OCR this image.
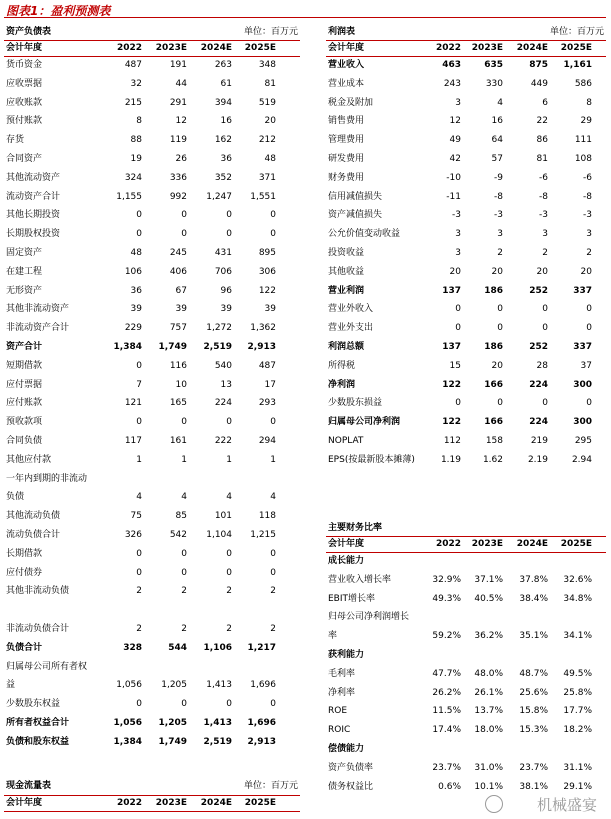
图表1：盈利预测表
资产负债表	单位：百万元
会计年度	2022 2023E 2024E 2025E
货币资金	487	191	263	348
应收票据	32	44	61	81
应收账款	215	291	394	519
预付账款	8	12	16	20
存货	88	119	162	212
合同资产	19	26	36	48
其他流动资产	324	336	352	371
流动资产合计	1,155	992 1,247 1,551
其他长期投资	0	0	0	0
长期股权投资	0	0	0	0
固定资产	48	245	431	895
在建工程	106	406	706	306
无形资产	36	67	96	122
其他非流动资产	39	39	39	39
非流动资产合计	229	757 1,272 1,362
资产合计	1,384 1,749 2,519 2,913
短期借款	0	116	540	487
应付票据	7	10	13	17
应付账款	121	165	224	293
预收款项	0	0	0	0
合同负债	117	161	222	294
其他应付款	1	1	1	1
一年内到期的非流动
负债	4	4	4	4
其他流动负债	75	85	101	118
流动负债合计	326	542 1,104 1,215
长期借款	0	0	0	0
应付债券	0	0	0	0
其他非流动负债	2	2	2	2
非流动负债合计	2	2	2	2
负债合计	328	544 1,106 1,217
归属母公司所有者权
益	1,056 1,205 1,413 1,696
少数股东权益	0	0	0	0
所有者权益合计	1,056 1,205 1,413 1,696
负债和股东权益	1,384 1,749 2,519 2,913
利润表	单位：百万元
会计年度	2022 2023E 2024E 2025E
营业收入	463	635	875 1,161
营业成本	243	330	449	586
税金及附加	3	4	6	8
销售费用	12	16	22	29
管理费用	49	64	86	111
研发费用	42	57	81	108
财务费用	-10	-9	-6	-6
信用减值损失	-11	-8	-8	-8
资产减值损失	-3	-3	-3	-3
公允价值变动收益	3	3	3	3
投资收益	3	2	2	2
其他收益	20	20	20	20
营业利润	137	186	252	337
营业外收入	0	0	0	0
营业外支出	0	0	0	0
利润总额	137	186	252	337
所得税	15	20	28	37
净利润	122	166	224	300
少数股东损益	0	0	0	0
归属母公司净利润	122	166	224	300
NOPLAT	112	158	219	295
EPS(按最新股本摊薄)	1.19 1.62	2.19	2.94
主要财务比率
会计年度	2022 2023E 2024E 2025E
成长能力
营业收入增长率	32.9% 37.1% 37.8% 32.6%
EBIT增长率	49.3% 40.5% 38.4% 34.8%
归母公司净利润增长
率	59.2% 36.2% 35.1% 34.1%
获利能力
毛利率	47.7% 48.0% 48.7% 49.5%
净利率	26.2% 26.1% 25.6% 25.8%
ROE	11.5% 13.7% 15.8% 17.7%
ROIC	17.4% 18.0% 15.3% 18.2%
偿债能力
资产负债率	23.7% 31.0% 23.7% 31.1%
债务权益比	0.6% 10.1% 38.1% 29.1%
现金流量表	单位：百万元
会计年度	2022 2023E 2024E 2025E	机械盛宴
